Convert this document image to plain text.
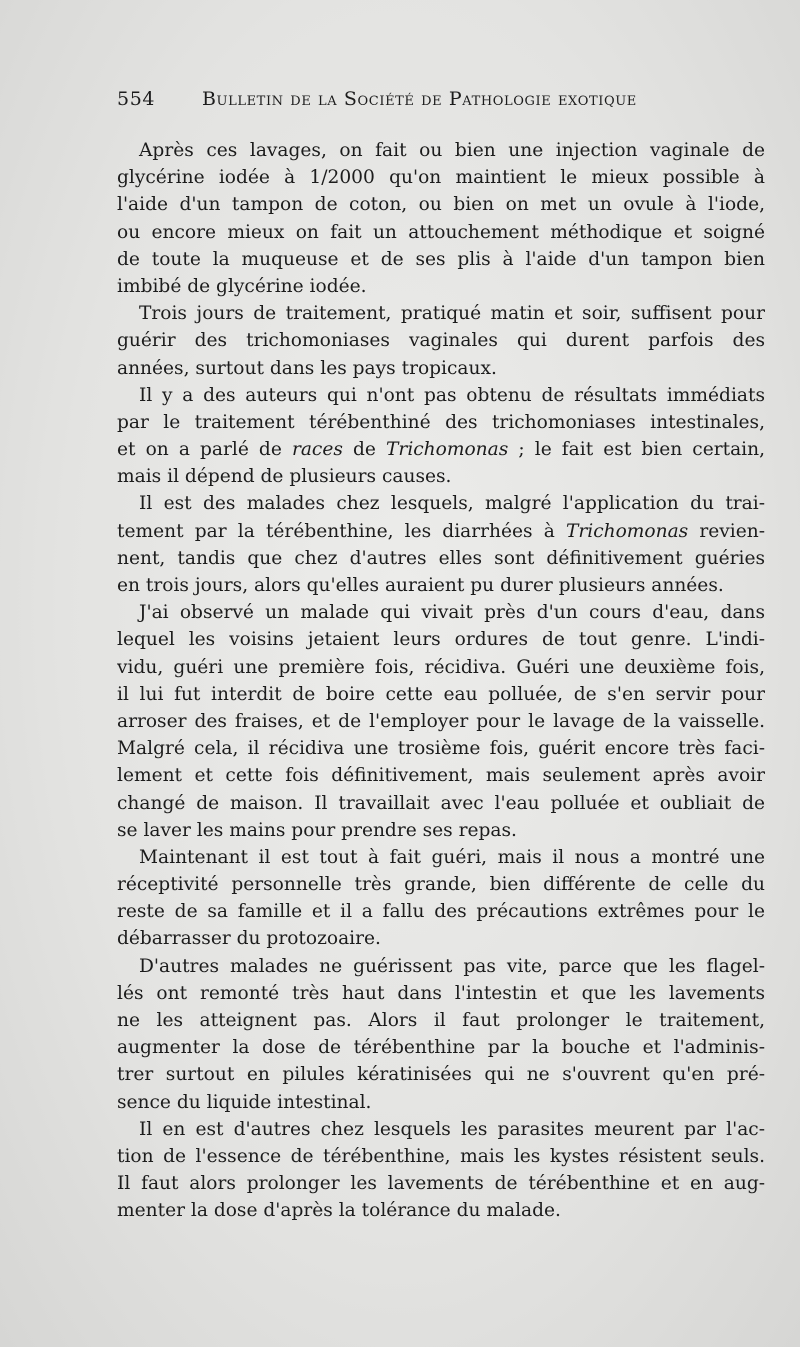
554 Bulletin de la Société de Pathologie exotique
Après ces lavages, on fait ou bien une injection vaginale de
glycérine iodée à 1/2000 qu'on maintient le mieux possible à
l'aide d'un tampon de coton, ou bien on met un ovule à l'iode,
ou encore mieux on fait un attouchement méthodique et soigné
de toute la muqueuse et de ses plis à l'aide d'un tampon bien
imbibé de glycérine iodée.
Trois jours de traitement, pratiqué matin et soir, suffisent pour
guérir des trichomoniases vaginales qui durent parfois des
années, surtout dans les pays tropicaux.
Il y a des auteurs qui n'ont pas obtenu de résultats immédiats
par le traitement térébenthiné des trichomoniases intestinales,
et on a parlé de races de Trichomonas ; le fait est bien certain,
mais il dépend de plusieurs causes.
Il est des malades chez lesquels, malgré l'application du trai-
tement par la térébenthine, les diarrhées à Trichomonas revien-
nent, tandis que chez d'autres elles sont définitivement guéries
en trois jours, alors qu'elles auraient pu durer plusieurs années.
J'ai observé un malade qui vivait près d'un cours d'eau, dans
lequel les voisins jetaient leurs ordures de tout genre. L'indi-
vidu, guéri une première fois, récidiva. Guéri une deuxième fois,
il lui fut interdit de boire cette eau polluée, de s'en servir pour
arroser des fraises, et de l'employer pour le lavage de la vaisselle.
Malgré cela, il récidiva une trosième fois, guérit encore très faci-
lement et cette fois définitivement, mais seulement après avoir
changé de maison. Il travaillait avec l'eau polluée et oubliait de
se laver les mains pour prendre ses repas.
Maintenant il est tout à fait guéri, mais il nous a montré une
réceptivité personnelle très grande, bien différente de celle du
reste de sa famille et il a fallu des précautions extrêmes pour le
débarrasser du protozoaire.
D'autres malades ne guérissent pas vite, parce que les flagel-
lés ont remonté très haut dans l'intestin et que les lavements
ne les atteignent pas. Alors il faut prolonger le traitement,
augmenter la dose de térébenthine par la bouche et l'adminis-
trer surtout en pilules kératinisées qui ne s'ouvrent qu'en pré-
sence du liquide intestinal.
Il en est d'autres chez lesquels les parasites meurent par l'ac-
tion de l'essence de térébenthine, mais les kystes résistent seuls.
Il faut alors prolonger les lavements de térébenthine et en aug-
menter la dose d'après la tolérance du malade.
